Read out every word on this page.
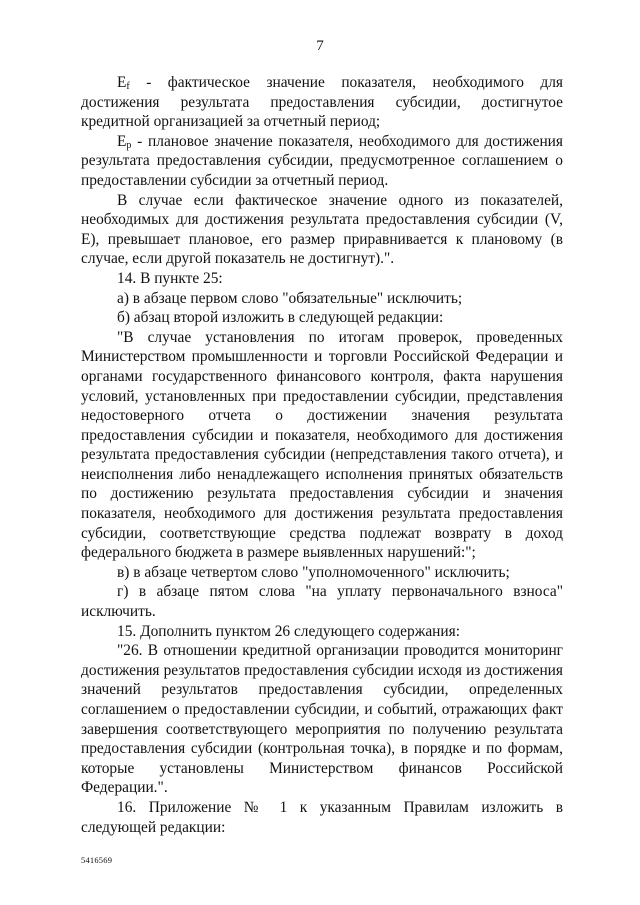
7

$E_f$ - фактическое значение показателя, необходимого для достижения результата предоставления субсидии, достигнутое кредитной организацией за отчетный период;

$E_p$ - плановое значение показателя, необходимого для достижения результата предоставления субсидии, предусмотренное соглашением о предоставлении субсидии за отчетный период.

В случае если фактическое значение одного из показателей, необходимых для достижения результата предоставления субсидии (V, E), превышает плановое, его размер приравнивается к плановому (в случае, если другой показатель не достигнут).".

14. В пункте 25:

а) в абзаце первом слово "обязательные" исключить;

б) абзац второй изложить в следующей редакции:

"В случае установления по итогам проверок, проведенных Министерством промышленности и торговли Российской Федерации и органами государственного финансового контроля, факта нарушения условий, установленных при предоставлении субсидии, представления недостоверного отчета о достижении значения результата предоставления субсидии и показателя, необходимого для достижения результата предоставления субсидии (непредставления такого отчета), и неисполнения либо ненадлежащего исполнения принятых обязательств по достижению результата предоставления субсидии и значения показателя, необходимого для достижения результата предоставления субсидии, соответствующие средства подлежат возврату в доход федерального бюджета в размере выявленных нарушений:";

в) в абзаце четвертом слово "уполномоченного" исключить;

г) в абзаце пятом слова "на уплату первоначального взноса" исключить.

15. Дополнить пунктом 26 следующего содержания:

"26. В отношении кредитной организации проводится мониторинг достижения результатов предоставления субсидии исходя из достижения значений результатов предоставления субсидии, определенных соглашением о предоставлении субсидии, и событий, отражающих факт завершения соответствующего мероприятия по получению результата предоставления субсидии (контрольная точка), в порядке и по формам, которые установлены Министерством финансов Российской Федерации.".

16. Приложение № 1 к указанным Правилам изложить в следующей редакции:

5416569
